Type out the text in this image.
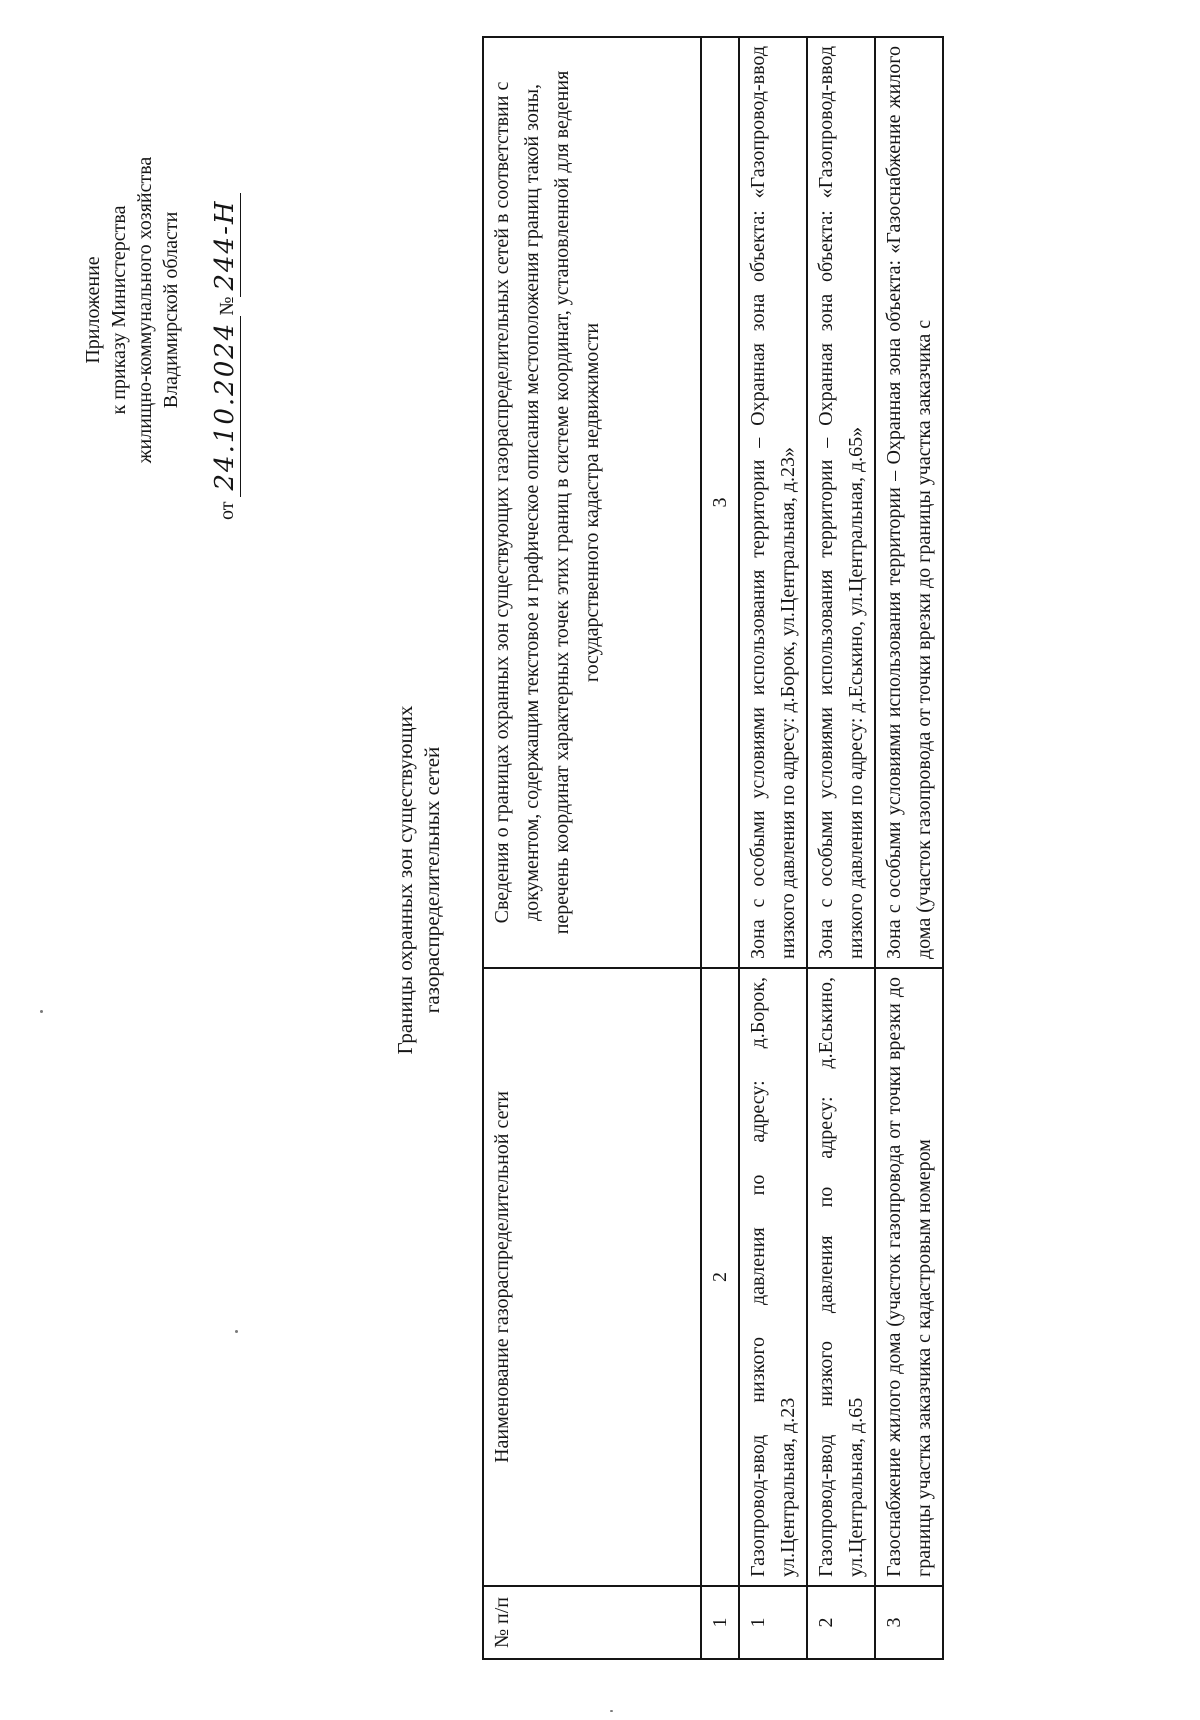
Приложение к приказу Министерства жилищно-коммунального хозяйства Владимирской области
от 24.10.2024№244-Н
Границы охранных зон существующих газораспределительных сетей
№ п/п	Наименование газораспределительной сети	Сведения о границах охранных зон существующих газораспределительных сетей в соответствии с документом, содержащим текстовое и графическое описания местоположения границ такой зоны, перечень координат характерных точек этих границ в системе координат, установленной для ведения государственного кадастра недвижимости
1	2	3
1	Газопровод-ввод низкого давления по адресу: д.Борок, ул.Центральная, д.23	Зона с особыми условиями использования территории – Охранная зона объекта: «Газопровод-ввод низкого давления по адресу: д.Борок, ул.Центральная, д.23»
2	Газопровод-ввод низкого давления по адресу: д.Еськино, ул.Центральная, д.65	Зона с особыми условиями использования территории – Охранная зона объекта: «Газопровод-ввод низкого давления по адресу: д.Еськино, ул.Центральная, д.65»
3	Газоснабжение жилого дома (участок газопровода от точки врезки до границы участка заказчика с кадастровым номером	Зона с особыми условиями использования территории – Охранная зона объекта: «Газоснабжение жилого дома (участок газопровода от точки врезки до границы участка заказчика с
